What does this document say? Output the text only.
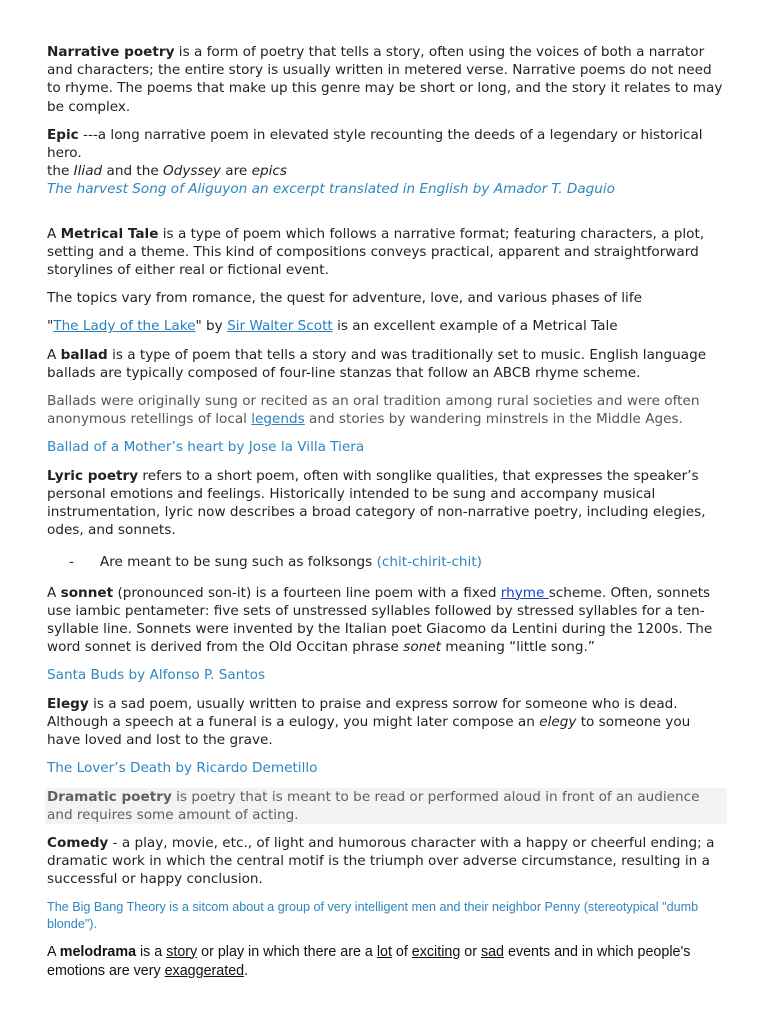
Narrative poetry is a form of poetry that tells a story, often using the voices of both a narrator and characters; the entire story is usually written in metered verse. Narrative poems do not need to rhyme. The poems that make up this genre may be short or long, and the story it relates to may be complex.

Epic ---a long narrative poem in elevated style recounting the deeds of a legendary or historical hero.

the Iliad and the Odyssey are epics

The harvest Song of Aliguyon an excerpt translated in English by Amador T. Daguio

A Metrical Tale is a type of poem which follows a narrative format; featuring characters, a plot, setting and a theme. This kind of compositions conveys practical, apparent and straightforward storylines of either real or fictional event.

The topics vary from romance, the quest for adventure, love, and various phases of life

"The Lady of the Lake" by Sir Walter Scott is an excellent example of a Metrical Tale

A ballad is a type of poem that tells a story and was traditionally set to music. English language ballads are typically composed of four-line stanzas that follow an ABCB rhyme scheme.

Ballads were originally sung or recited as an oral tradition among rural societies and were often anonymous retellings of local legends and stories by wandering minstrels in the Middle Ages.

Ballad of a Mother’s heart by Jose la Villa Tiera

Lyric poetry refers to a short poem, often with songlike qualities, that expresses the speaker’s personal emotions and feelings. Historically intended to be sung and accompany musical instrumentation, lyric now describes a broad category of non-narrative poetry, including elegies, odes, and sonnets.

- Are meant to be sung such as folksongs (chit-chirit-chit)

A sonnet (pronounced son-it) is a fourteen line poem with a fixed rhyme scheme. Often, sonnets use iambic pentameter: five sets of unstressed syllables followed by stressed syllables for a ten-syllable line. Sonnets were invented by the Italian poet Giacomo da Lentini during the 1200s. The word sonnet is derived from the Old Occitan phrase sonet meaning “little song.”

Santa Buds by Alfonso P. Santos

Elegy is a sad poem, usually written to praise and express sorrow for someone who is dead. Although a speech at a funeral is a eulogy, you might later compose an elegy to someone you have loved and lost to the grave.

The Lover’s Death by Ricardo Demetillo

Dramatic poetry is poetry that is meant to be read or performed aloud in front of an audience and requires some amount of acting.

Comedy - a play, movie, etc., of light and humorous character with a happy or cheerful ending; a dramatic work in which the central motif is the triumph over adverse circumstance, resulting in a successful or happy conclusion.

The Big Bang Theory is a sitcom about a group of very intelligent men and their neighbor Penny (stereotypical "dumb blonde").

A melodrama is a story or play in which there are a lot of exciting or sad events and in which people's emotions are very exaggerated.
